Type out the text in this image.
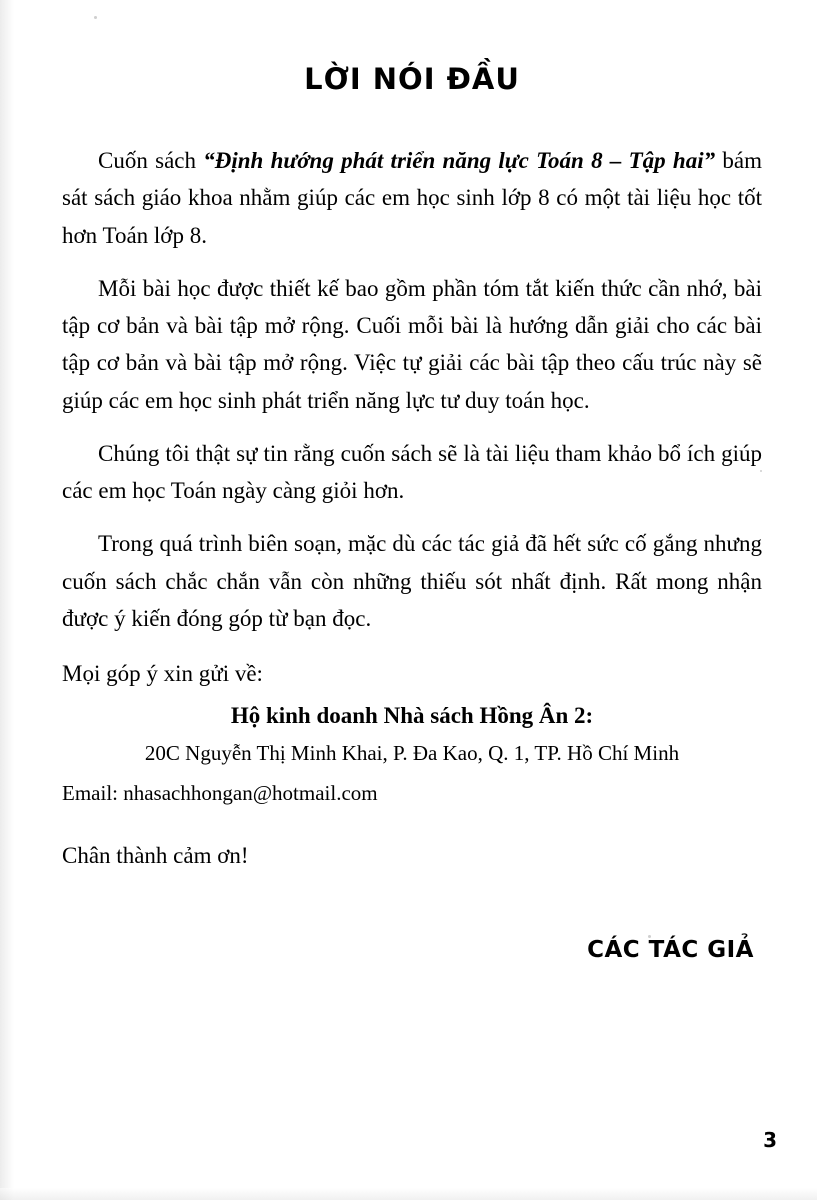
LỜI NÓI ĐẦU

Cuốn sách “Định hướng phát triển năng lực Toán 8 – Tập hai” bám sát sách giáo khoa nhằm giúp các em học sinh lớp 8 có một tài liệu học tốt hơn Toán lớp 8.

Mỗi bài học được thiết kế bao gồm phần tóm tắt kiến thức cần nhớ, bài tập cơ bản và bài tập mở rộng. Cuối mỗi bài là hướng dẫn giải cho các bài tập cơ bản và bài tập mở rộng. Việc tự giải các bài tập theo cấu trúc này sẽ giúp các em học sinh phát triển năng lực tư duy toán học.

Chúng tôi thật sự tin rằng cuốn sách sẽ là tài liệu tham khảo bổ ích giúp các em học Toán ngày càng giỏi hơn.

Trong quá trình biên soạn, mặc dù các tác giả đã hết sức cố gắng nhưng cuốn sách chắc chắn vẫn còn những thiếu sót nhất định. Rất mong nhận được ý kiến đóng góp từ bạn đọc.

Mọi góp ý xin gửi về:

Hộ kinh doanh Nhà sách Hồng Ân 2:

20C Nguyễn Thị Minh Khai, P. Đa Kao, Q. 1, TP. Hồ Chí Minh

Email: nhasachhongan@hotmail.com

Chân thành cảm ơn!

CÁC TÁC GIẢ

3
